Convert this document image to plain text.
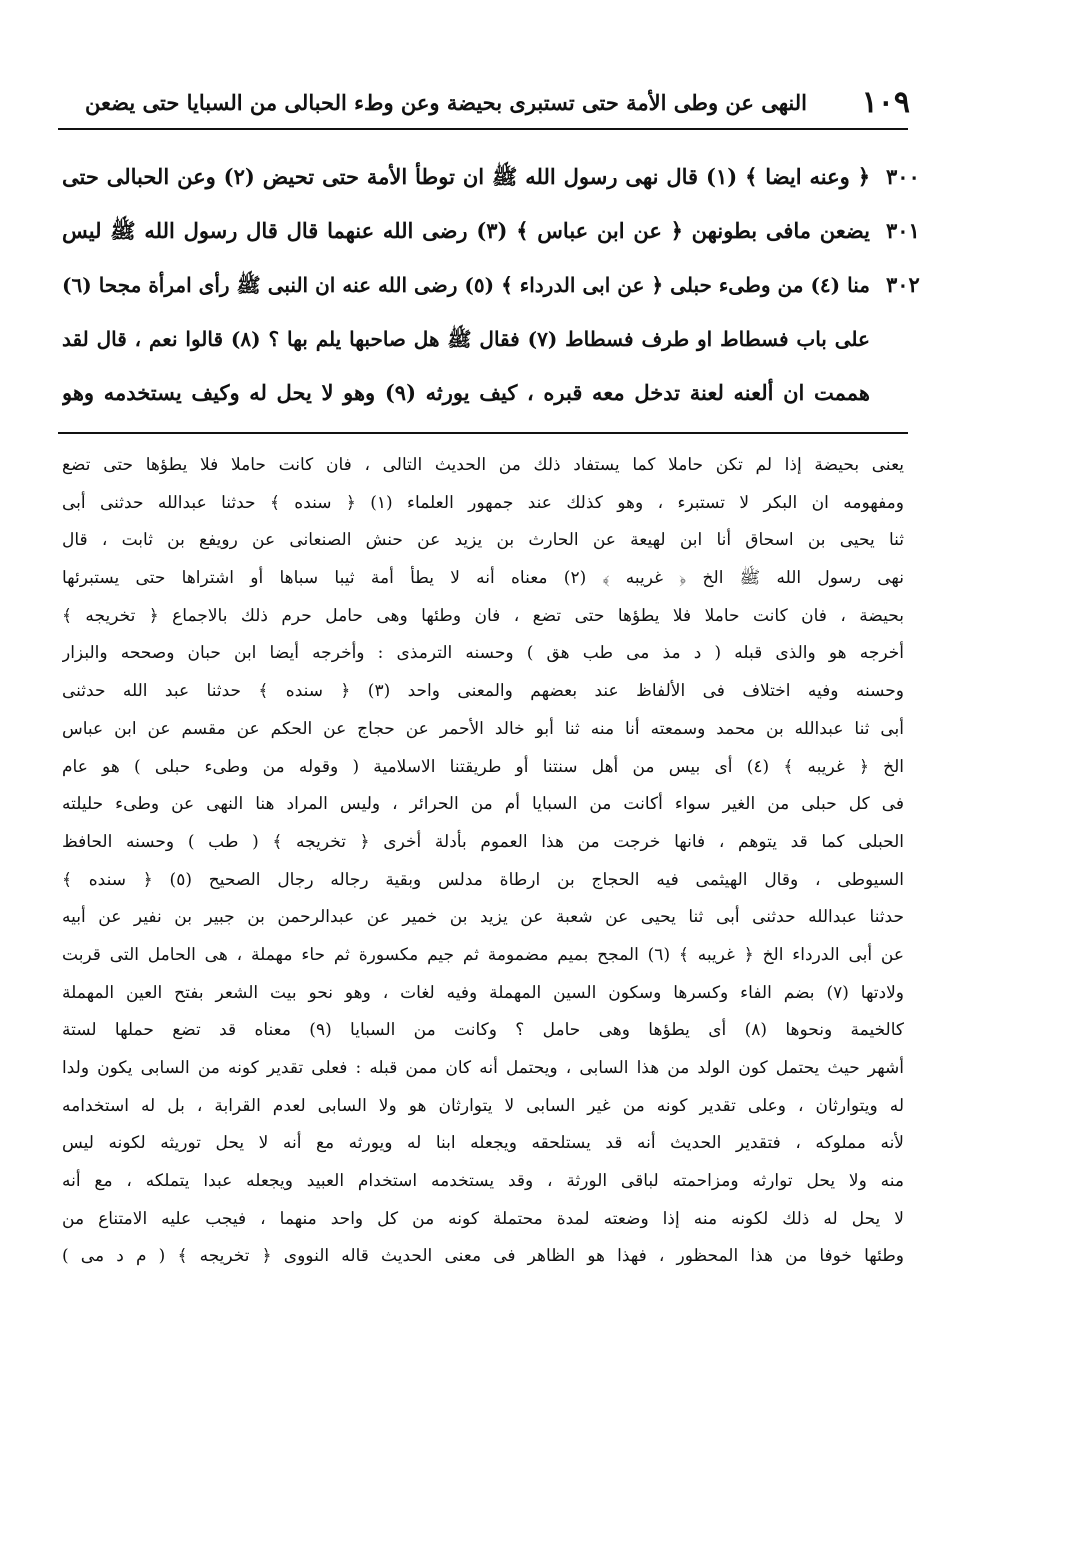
١٠٩
النهى عن وطى الأمة حتى تستبرى بحيضة وعن وطء الحبالى من السبايا حتى يضعن
٣٠٠
﴿ وعنه ايضا ﴾ (١) قال نهى رسول الله ﷺ ان توطأ الأمة حتى تحيض (٢) وعن الحبالى حتى
٣٠١
يضعن مافى بطونهن ﴿ عن ابن عباس ﴾ (٣) رضى الله عنهما قال قال رسول الله ﷺ ليس
٣٠٢
منا (٤) من وطىء حبلى ﴿ عن ابى الدرداء ﴾ (٥) رضى الله عنه ان النبى ﷺ رأى امرأة مجحا (٦)
على باب فسطاط او طرف فسطاط (٧) فقال ﷺ هل صاحبها يلم بها ؟ (٨) قالوا نعم ، قال لقد
هممت ان ألعنه لعنة تدخل معه قبره ، كيف يورثه (٩) وهو لا يحل له وكيف يستخدمه وهو
يعنى بحيضة إذا لم تكن حاملا كما يستفاد ذلك من الحديث التالى ، فان كانت حاملا فلا يطؤها حتى تضع
ومفهومه ان البكر لا تستبرء ، وهو كذلك عند جمهور العلماء (١) ﴿ سنده ﴾ حدثنا عبدالله حدثنى أبى
ثنا يحيى بن اسحاق أنا ابن لهيعة عن الحارث بن يزيد عن حنش الصنعانى عن رويفع بن ثابت ، قال
نهى رسول الله ﷺ الخ ﴿ غريبه ﴾ (٢) معناه أنه لا يطأ أمة ثيبا سباها أو اشتراها حتى يستبرئها
بحيضة ، فان كانت حاملا فلا يطؤها حتى تضع ، فان وطئها وهى حامل حرم ذلك بالاجماع ﴿ تخريجه ﴾
أخرجه هو والذى قبله ( د مذ مى طب هق ) وحسنه الترمذى : وأخرجه أيضا ابن حبان وصححه والبزار
وحسنه وفيه اختلاف فى الألفاظ عند بعضهم والمعنى واحد (٣) ﴿ سنده ﴾ حدثنا عبد الله حدثنى
أبى ثنا عبدالله بن محمد وسمعته أنا منه ثنا أبو خالد الأحمر عن حجاج عن الحكم عن مقسم عن ابن عباس
الخ ﴿ غريبه ﴾ (٤) أى بيس من أهل سنتنا أو طريقتنا الاسلامية ( وقوله من وطىء حبلى ) هو عام
فى كل حبلى من الغير سواء أكانت من السبايا أم من الحرائر ، وليس المراد هنا النهى عن وطىء حليلته
الحبلى كما قد يتوهم ، فانها خرجت من هذا العموم بأدلة أخرى ﴿ تخريجه ﴾ ( طب ) وحسنه الحافظ
السيوطى ، وقال الهيثمى فيه الحجاج بن ارطاة مدلس وبقية رجاله رجال الصحيح (٥) ﴿ سنده ﴾
حدثنا عبدالله حدثنى أبى ثنا يحيى عن شعبة عن يزيد بن خمير عن عبدالرحمن بن جبير بن نفير عن أبيه
عن أبى الدرداء الخ ﴿ غريبه ﴾ (٦) المجح بميم مضمومة ثم جيم مكسورة ثم حاء مهملة ، هى الحامل التى قربت
ولادتها (٧) بضم الفاء وكسرها وسكون السين المهملة وفيه لغات ، وهو نحو بيت الشعر بفتح العين المهملة
كالخيمة ونحوها (٨) أى يطؤها وهى حامل ؟ وكانت من السبايا (٩) معناه قد تضع حملها لستة
أشهر حيث يحتمل كون الولد من هذا السابى ، ويحتمل أنه كان ممن قبله : فعلى تقدير كونه من السابى يكون ولدا
له ويتوارثان ، وعلى تقدير كونه من غير السابى لا يتوارثان هو ولا السابى لعدم القرابة ، بل له استخدامه
لأنه مملوكه ، فتقدير الحديث أنه قد يستلحقه ويجعله ابنا له ويورثه مع أنه لا يحل توريثه لكونه ليس
منه ولا يحل توارثه ومزاحمته لباقى الورثة ، وقد يستخدمه استخدام العبيد ويجعله عبدا يتملكه ، مع أنه
لا يحل له ذلك لكونه منه إذا وضعته لمدة محتملة كونه من كل واحد منهما ، فيجب عليه الامتناع من
وطئها خوفا من هذا المحظور ، فهذا هو الظاهر فى معنى الحديث قاله النووى ﴿ تخريجه ﴾ ( م د مى )
